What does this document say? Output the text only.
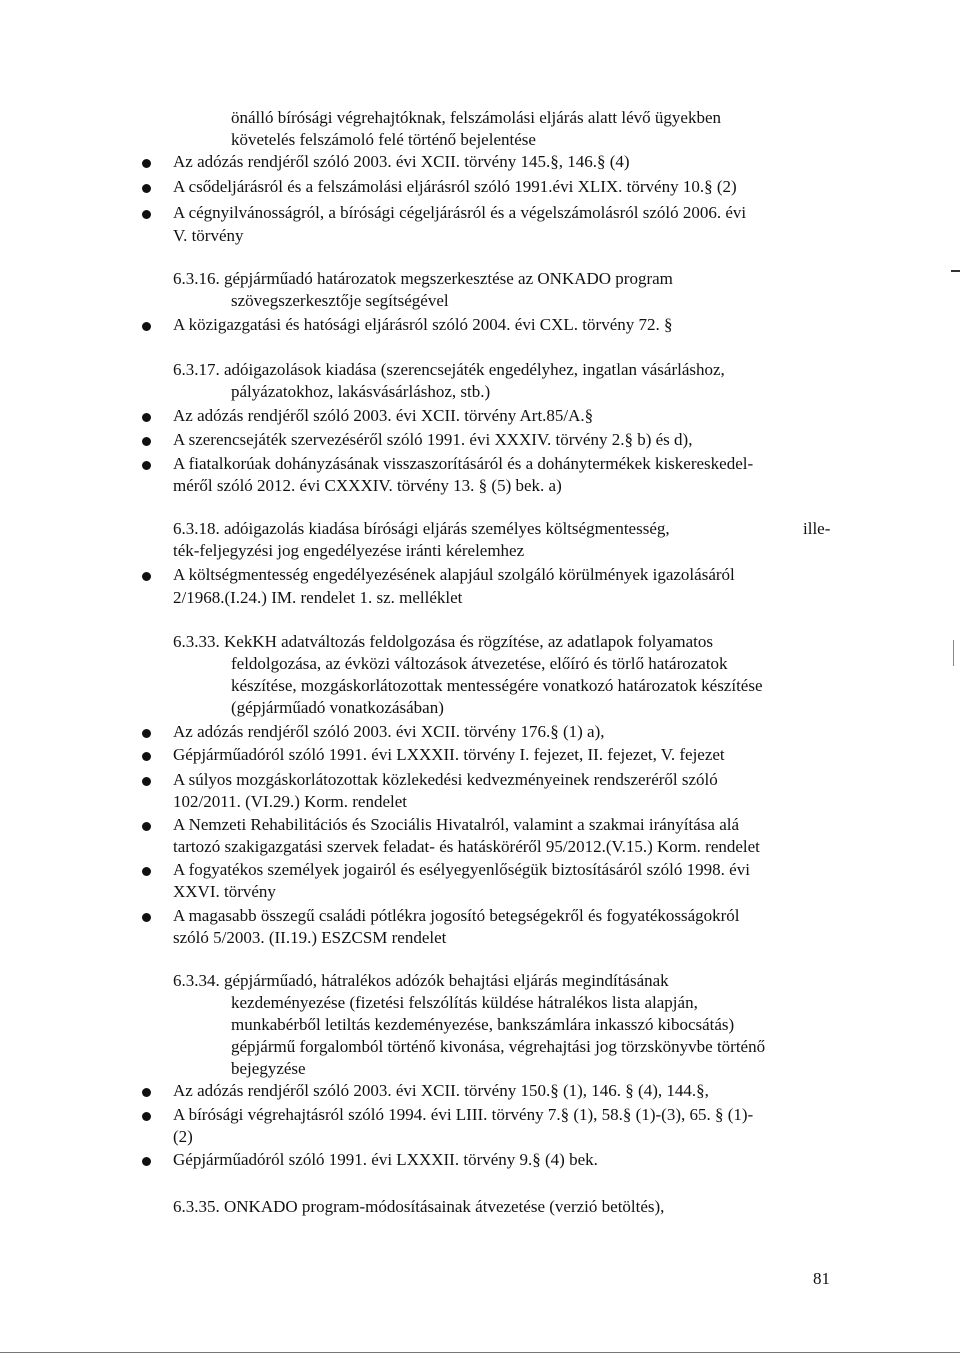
önálló bírósági végrehajtóknak, felszámolási eljárás alatt lévő ügyekben
követelés felszámoló felé történő bejelentése
Az adózás rendjéről szóló 2003. évi XCII. törvény 145.§, 146.§ (4)
A csődeljárásról és a felszámolási eljárásról szóló 1991.évi XLIX. törvény 10.§ (2)
A cégnyilvánosságról, a bírósági cégeljárásról és a végelszámolásról szóló 2006. évi
V. törvény
6.3.16. gépjárműadó határozatok megszerkesztése az ONKADO program
szövegszerkesztője segítségével
A közigazgatási és hatósági eljárásról szóló 2004. évi CXL. törvény 72. §
6.3.17. adóigazolások kiadása (szerencsejáték engedélyhez, ingatlan vásárláshoz,
pályázatokhoz, lakásvásárláshoz, stb.)
Az adózás rendjéről szóló 2003. évi XCII. törvény Art.85/A.§
A szerencsejáték szervezéséről szóló 1991. évi XXXIV. törvény 2.§ b) és d),
A fiatalkorúak dohányzásának visszaszorításáról és a dohánytermékek kiskereskedel-
méről szóló 2012. évi CXXXIV. törvény 13. § (5) bek. a)
6.3.18. adóigazolás kiadása bírósági eljárás személyes költségmentesség,	ille-
ték-feljegyzési jog engedélyezése iránti kérelemhez
A költségmentesség engedélyezésének alapjául szolgáló körülmények igazolásáról
2/1968.(I.24.) IM. rendelet 1. sz. melléklet
6.3.33. KekKH adatváltozás feldolgozása és rögzítése, az adatlapok folyamatos
feldolgozása, az évközi változások átvezetése, előíró és törlő határozatok
készítése, mozgáskorlátozottak mentességére vonatkozó határozatok készítése
(gépjárműadó vonatkozásában)
Az adózás rendjéről szóló 2003. évi XCII. törvény 176.§ (1) a),
Gépjárműadóról szóló 1991. évi LXXXII. törvény I. fejezet, II. fejezet, V. fejezet
A súlyos mozgáskorlátozottak közlekedési kedvezményeinek rendszeréről szóló
102/2011. (VI.29.) Korm. rendelet
A Nemzeti Rehabilitációs és Szociális Hivatalról, valamint a szakmai irányítása alá
tartozó szakigazgatási szervek feladat- és hatásköréről 95/2012.(V.15.) Korm. rendelet
A fogyatékos személyek jogairól és esélyegyenlőségük biztosításáról szóló 1998. évi
XXVI. törvény
A magasabb összegű családi pótlékra jogosító betegségekről és fogyatékosságokról
szóló 5/2003. (II.19.) ESZCSM rendelet
6.3.34. gépjárműadó, hátralékos adózók behajtási eljárás megindításának
kezdeményezése (fizetési felszólítás küldése hátralékos lista alapján,
munkabérből letiltás kezdeményezése, bankszámlára inkasszó kibocsátás)
gépjármű forgalomból történő kivonása, végrehajtási jog törzskönyvbe történő
bejegyzése
Az adózás rendjéről szóló 2003. évi XCII. törvény 150.§ (1), 146. § (4), 144.§,
A bírósági végrehajtásról szóló 1994. évi LIII. törvény 7.§ (1), 58.§ (1)-(3), 65. § (1)-
(2)
Gépjárműadóról szóló 1991. évi LXXXII. törvény 9.§ (4) bek.
6.3.35. ONKADO program-módosításainak átvezetése (verzió betöltés),
81
